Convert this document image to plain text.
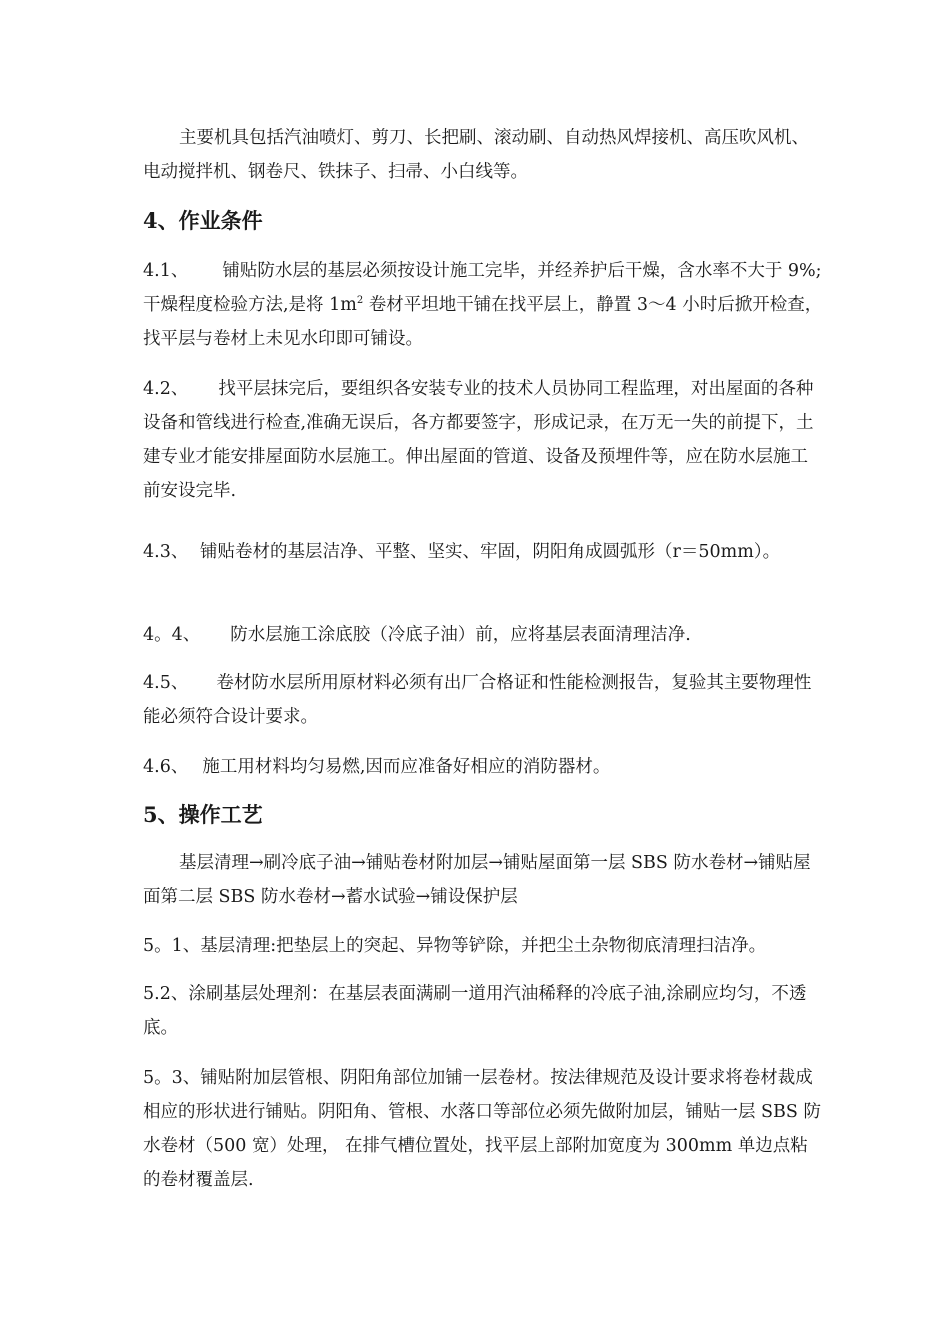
主要机具包括汽油喷灯、剪刀、长把刷、滚动刷、自动热风焊接机、高压吹风机、电动搅拌机、钢卷尺、铁抹子、扫帚、小白线等。

4、作业条件

4.1、 铺贴防水层的基层必须按设计施工完毕，并经养护后干燥，含水率不大于 9%;干燥程度检验方法,是将 $1m^2$ 卷材平坦地干铺在找平层上，静置 3～4 小时后掀开检查，找平层与卷材上未见水印即可铺设。

4.2、 找平层抹完后，要组织各安装专业的技术人员协同工程监理，对出屋面的各种设备和管线进行检查,准确无误后，各方都要签字，形成记录，在万无一失的前提下，土建专业才能安排屋面防水层施工。伸出屋面的管道、设备及预埋件等，应在防水层施工前安设完毕.

4.3、 铺贴卷材的基层洁净、平整、坚实、牢固，阴阳角成圆弧形（r＝50mm）。

4。4、 防水层施工涂底胶（冷底子油）前，应将基层表面清理洁净.

4.5、 卷材防水层所用原材料必须有出厂合格证和性能检测报告，复验其主要物理性能必须符合设计要求。

4.6、 施工用材料均匀易燃,因而应准备好相应的消防器材。

5、操作工艺

基层清理→刷冷底子油→铺贴卷材附加层→铺贴屋面第一层 SBS 防水卷材→铺贴屋面第二层 SBS 防水卷材→蓄水试验→铺设保护层

5。1、基层清理:把垫层上的突起、异物等铲除，并把尘土杂物彻底清理扫洁净。

5.2、涂刷基层处理剂：在基层表面满刷一道用汽油稀释的冷底子油,涂刷应均匀，不透底。

5。3、铺贴附加层管根、阴阳角部位加铺一层卷材。按法律规范及设计要求将卷材裁成相应的形状进行铺贴。阴阳角、管根、水落口等部位必须先做附加层，铺贴一层 SBS 防水卷材（500 宽）处理， 在排气槽位置处，找平层上部附加宽度为 300mm 单边点粘的卷材覆盖层.
